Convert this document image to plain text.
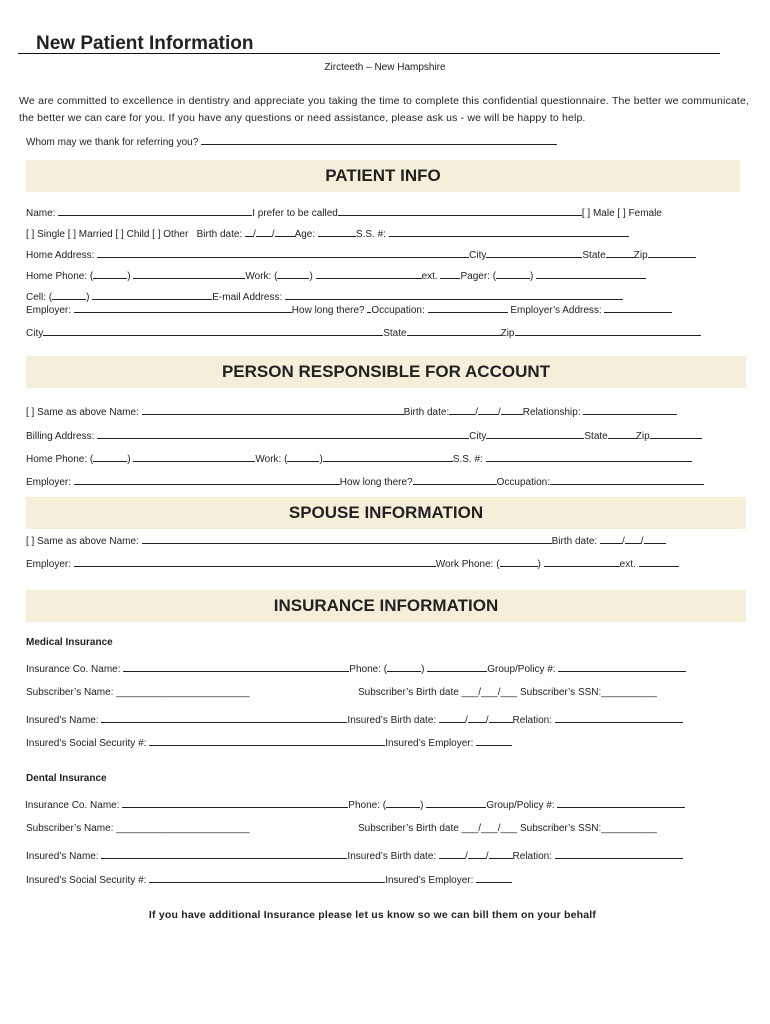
New Patient Information
Zircteeth – New Hampshire
We are committed to excellence in dentistry and appreciate you taking the time to complete this confidential questionnaire. The better we communicate, the better we can care for you. If you have any questions or need assistance, please ask us - we will be happy to help.
Whom may we thank for referring you?
PATIENT INFO
Name:	I prefer to be called	[ ] Male [ ] Female
[ ] Single [ ] Married [ ] Child [ ] Other Birth date: / / Age:	S.S. #:
Home Address:	City	State	Zip
Home Phone: (	)	Work: (	)	ext. Pager: (	)
Cell: (	)	E-mail Address:
Employer:	How long there? Occupation:	Employer’s Address:
City	State	Zip
PERSON RESPONSIBLE FOR ACCOUNT
[ ] Same as above Name:	Birth date:	/ / Relationship:
Billing Address:	City	State	Zip
Home Phone: (	)	Work: (	)	S.S. #:
Employer:	How long there?	Occupation:
SPOUSE INFORMATION
[ ] Same as above Name:	Birth date: / /
Employer:	Work Phone: (	)	ext.
INSURANCE INFORMATION
Medical Insurance
Insurance Co. Name:	Phone: (	)	Group/Policy #:
Subscriber’s Name: ________________________	Subscriber’s Birth date ___/___/___ Subscriber’s SSN:__________
Insured’s Name:	Insured’s Birth date:	/ / Relation:
Insured’s Social Security #:	Insured’s Employer:
Dental Insurance
Insurance Co. Name:	Phone: (	)	Group/Policy #:
Subscriber’s Name: ________________________	Subscriber’s Birth date ___/___/___ Subscriber’s SSN:__________
Insured’s Name:	Insured’s Birth date:	/ / Relation:
Insured’s Social Security #:	Insured’s Employer:
If you have additional Insurance please let us know so we can bill them on your behalf
